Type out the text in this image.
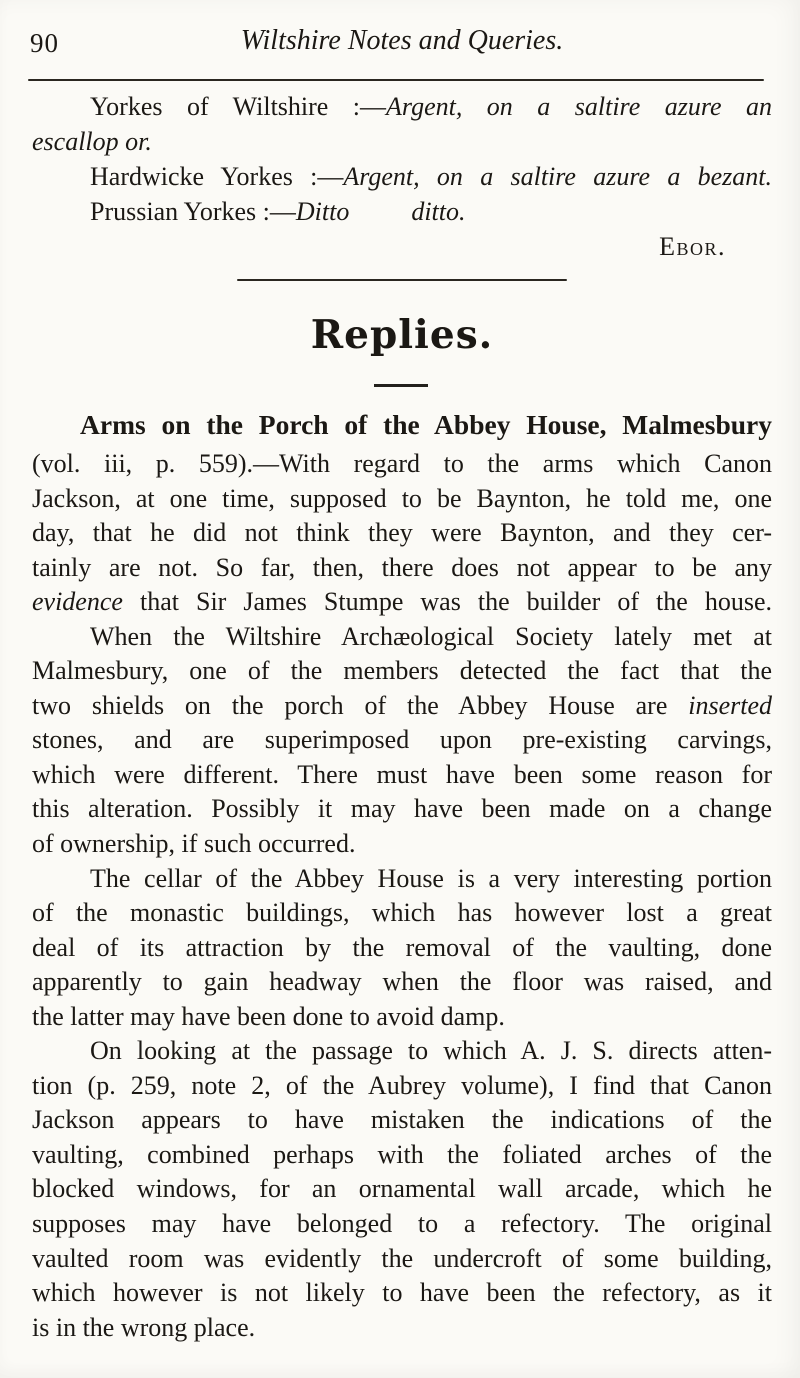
90	Wiltshire Notes and Queries.
Yorkes of Wiltshire :—Argent, on a saltire azure an
escallop or.
Hardwicke Yorkes :—Argent, on a saltire azure a bezant.
Prussian Yorkes :—Ditto ditto.
Ebor.
Replies.
Arms on the Porch of the Abbey House, Malmesbury
(vol. iii, p. 559).—With regard to the arms which Canon
Jackson, at one time, supposed to be Baynton, he told me, one
day, that he did not think they were Baynton, and they cer-
tainly are not. So far, then, there does not appear to be any
evidence that Sir James Stumpe was the builder of the house.
When the Wiltshire Archæological Society lately met at
Malmesbury, one of the members detected the fact that the
two shields on the porch of the Abbey House are inserted
stones, and are superimposed upon pre-existing carvings,
which were different. There must have been some reason for
this alteration. Possibly it may have been made on a change
of ownership, if such occurred.
The cellar of the Abbey House is a very interesting portion
of the monastic buildings, which has however lost a great
deal of its attraction by the removal of the vaulting, done
apparently to gain headway when the floor was raised, and
the latter may have been done to avoid damp.
On looking at the passage to which A. J. S. directs atten-
tion (p. 259, note 2, of the Aubrey volume), I find that Canon
Jackson appears to have mistaken the indications of the
vaulting, combined perhaps with the foliated arches of the
blocked windows, for an ornamental wall arcade, which he
supposes may have belonged to a refectory. The original
vaulted room was evidently the undercroft of some building,
which however is not likely to have been the refectory, as it
is in the wrong place.
